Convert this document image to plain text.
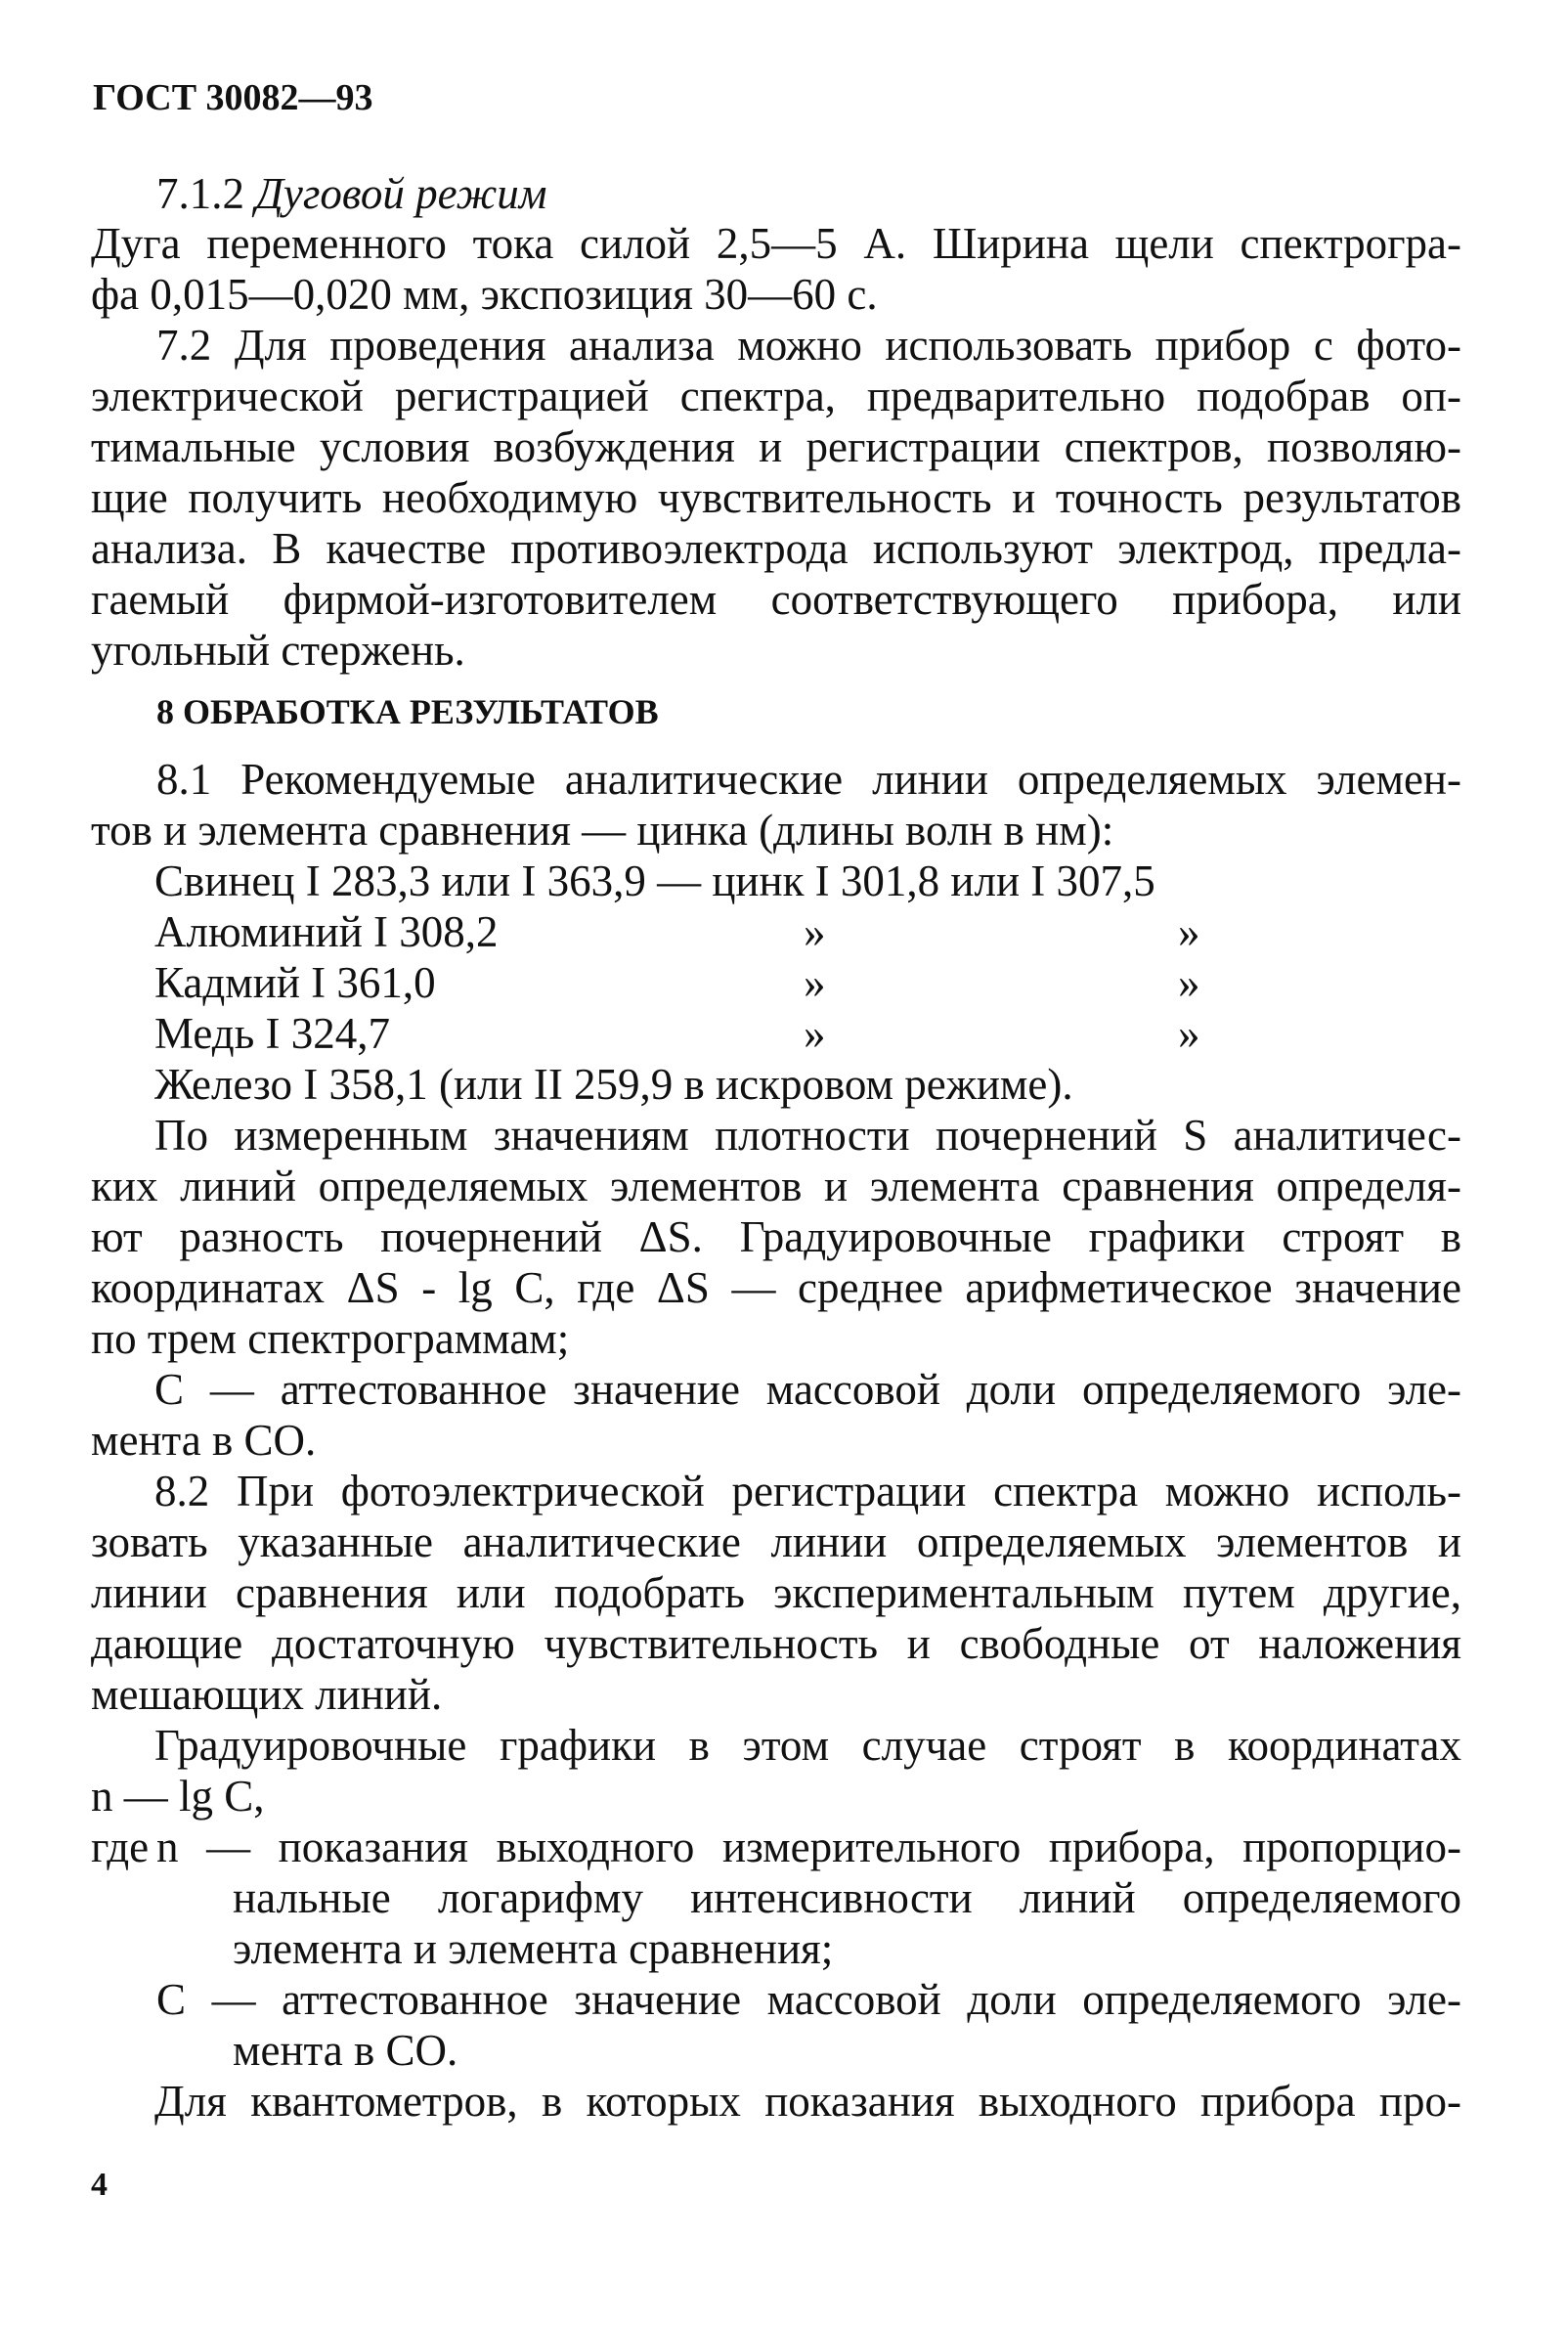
ГОСТ 30082—93
7.1.2 Дуговой режим
Дуга переменного тока силой 2,5—5 А. Ширина щели спектрогра-
фа 0,015—0,020 мм, экспозиция 30—60 с.
7.2 Для проведения анализа можно использовать прибор с фото-
электрической регистрацией спектра, предварительно подобрав оп-
тимальные условия возбуждения и регистрации спектров, позволяю-
щие получить необходимую чувствительность и точность результатов
анализа. В качестве противоэлектрода используют электрод, предла-
гаемый фирмой-изготовителем соответствующего прибора, или
угольный стержень.
8 ОБРАБОТКА РЕЗУЛЬТАТОВ
8.1 Рекомендуемые аналитические линии определяемых элемен-
тов и элемента сравнения — цинка (длины волн в нм):
Свинец I 283,3 или I 363,9 — цинк I 301,8 или I 307,5
Алюминий I 308,2	»	»
Кадмий I 361,0	»	»
Медь I 324,7	»	»
Железо I 358,1 (или II 259,9 в искровом режиме).
По измеренным значениям плотности почернений S аналитичес-
ких линий определяемых элементов и элемента сравнения определя-
ют разность почернений ΔS. Градуировочные графики строят в
координатах ΔS - lg C, где ΔS — среднее арифметическое значение
по трем спектрограммам;
C — аттестованное значение массовой доли определяемого эле-
мента в СО.
8.2 При фотоэлектрической регистрации спектра можно исполь-
зовать указанные аналитические линии определяемых элементов и
линии сравнения или подобрать экспериментальным путем другие,
дающие достаточную чувствительность и свободные от наложения
мешающих линий.
Градуировочные графики в этом случае строят в координатах
n — lg C,
где n — показания выходного измерительного прибора, пропорцио-
нальные логарифму интенсивности линий определяемого
элемента и элемента сравнения;
C — аттестованное значение массовой доли определяемого эле-
мента в СО.
Для квантометров, в которых показания выходного прибора про-
4
